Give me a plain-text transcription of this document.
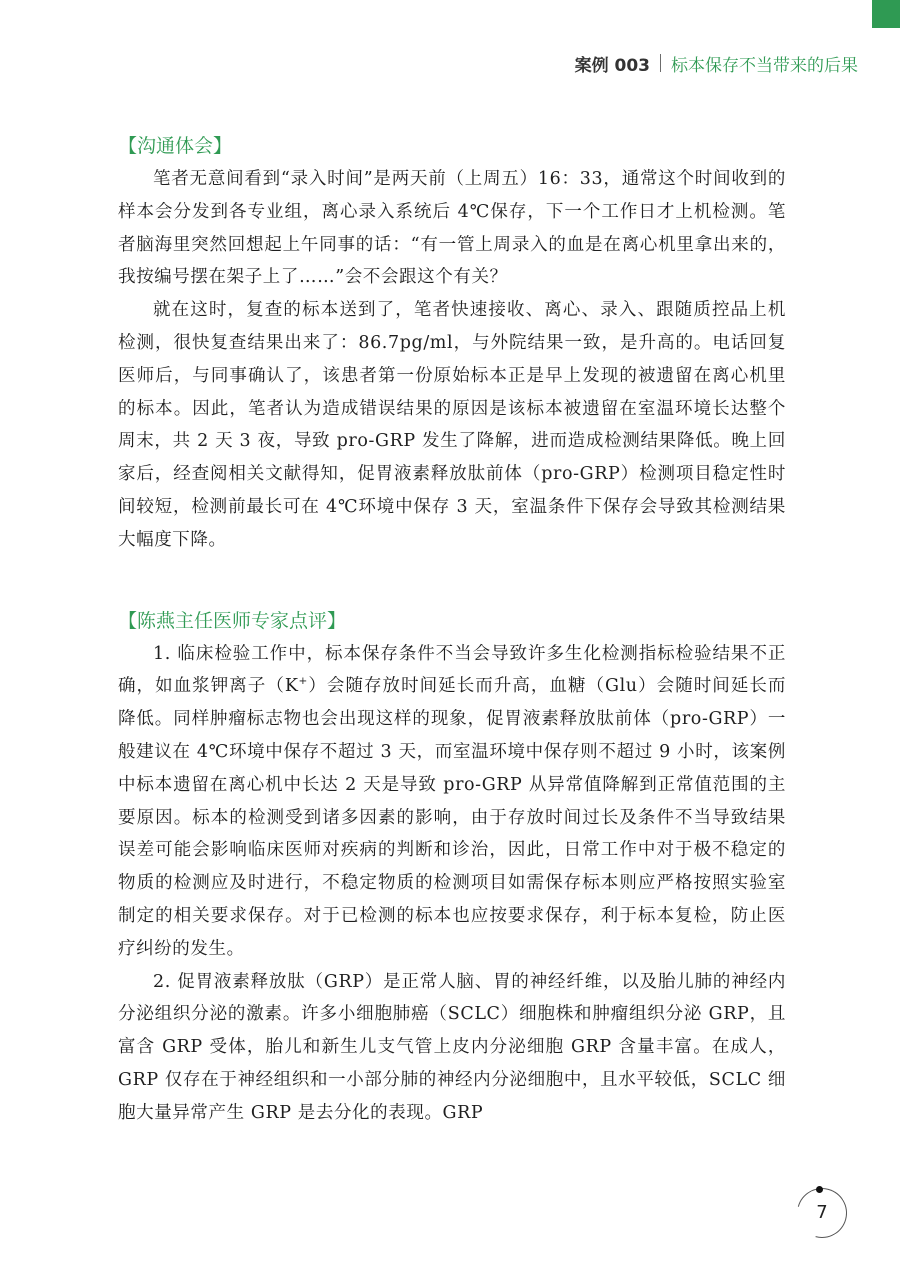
案例 003 标本保存不当带来的后果
【沟通体会】

笔者无意间看到“录入时间”是两天前（上周五）16：33，通常这个时间收到的样本会分发到各专业组，离心录入系统后 4℃保存，下一个工作日才上机检测。笔者脑海里突然回想起上午同事的话：“有一管上周录入的血是在离心机里拿出来的，我按编号摆在架子上了……”会不会跟这个有关？

就在这时，复查的标本送到了，笔者快速接收、离心、录入、跟随质控品上机检测，很快复查结果出来了：86.7pg/ml，与外院结果一致，是升高的。电话回复医师后，与同事确认了，该患者第一份原始标本正是早上发现的被遗留在离心机里的标本。因此，笔者认为造成错误结果的原因是该标本被遗留在室温环境长达整个周末，共 2 天 3 夜，导致 pro-GRP 发生了降解，进而造成检测结果降低。晚上回家后，经查阅相关文献得知，促胃液素释放肽前体（pro-GRP）检测项目稳定性时间较短，检测前最长可在 4℃环境中保存 3 天，室温条件下保存会导致其检测结果大幅度下降。

【陈燕主任医师专家点评】

1. 临床检验工作中，标本保存条件不当会导致许多生化检测指标检验结果不正确，如血浆钾离子（K+）会随存放时间延长而升高，血糖（Glu）会随时间延长而降低。同样肿瘤标志物也会出现这样的现象，促胃液素释放肽前体（pro-GRP）一般建议在 4℃环境中保存不超过 3 天，而室温环境中保存则不超过 9 小时，该案例中标本遗留在离心机中长达 2 天是导致 pro-GRP 从异常值降解到正常值范围的主要原因。标本的检测受到诸多因素的影响，由于存放时间过长及条件不当导致结果误差可能会影响临床医师对疾病的判断和诊治，因此，日常工作中对于极不稳定的物质的检测应及时进行，不稳定物质的检测项目如需保存标本则应严格按照实验室制定的相关要求保存。对于已检测的标本也应按要求保存，利于标本复检，防止医疗纠纷的发生。

2. 促胃液素释放肽（GRP）是正常人脑、胃的神经纤维，以及胎儿肺的神经内分泌组织分泌的激素。许多小细胞肺癌（SCLC）细胞株和肿瘤组织分泌 GRP，且富含 GRP 受体，胎儿和新生儿支气管上皮内分泌细胞 GRP 含量丰富。在成人，GRP 仅存在于神经组织和一小部分肺的神经内分泌细胞中，且水平较低，SCLC 细胞大量异常产生 GRP 是去分化的表现。GRP

7
